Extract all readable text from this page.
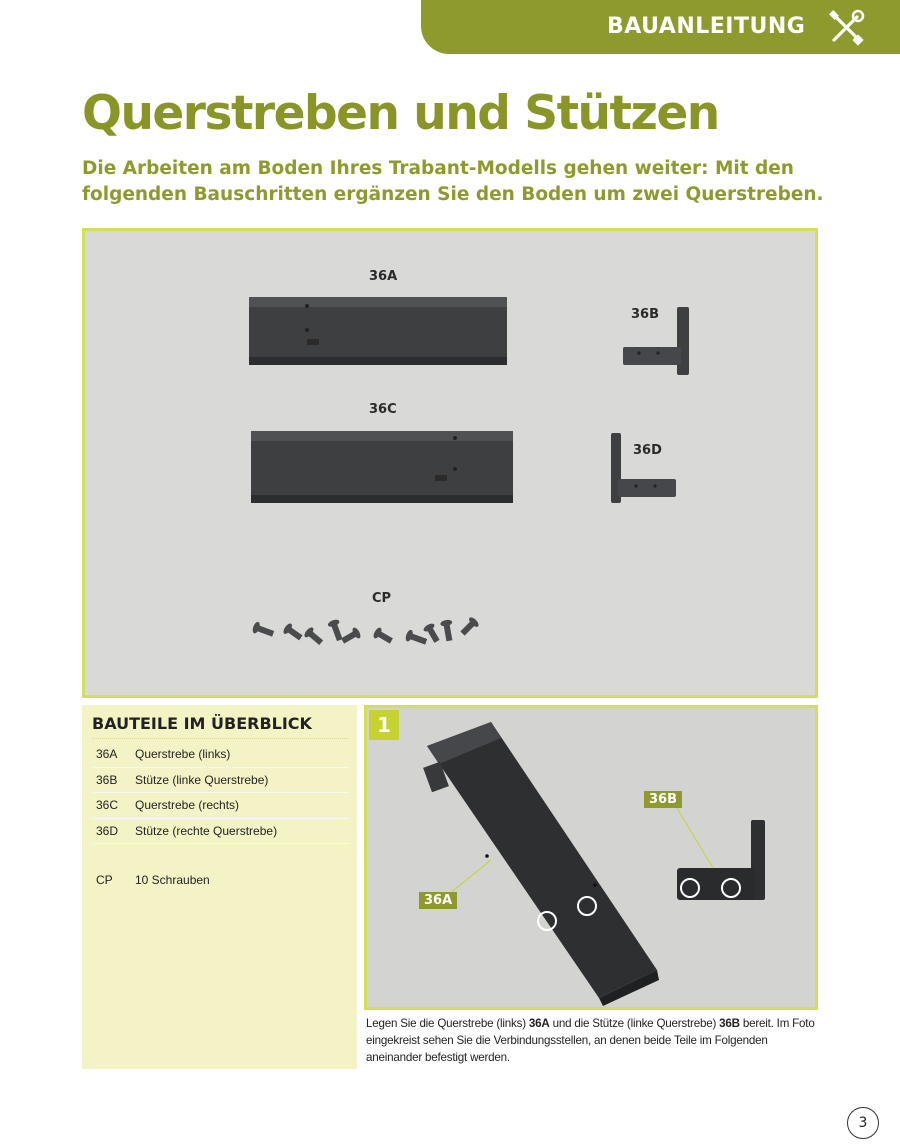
BAUANLEITUNG
Querstreben und Stützen

Die Arbeiten am Boden Ihres Trabant-Modells gehen weiter: Mit den folgenden Bauschritten ergänzen Sie den Boden um zwei Querstreben.

36A
36B
36C
36D
CP
BAUTEILE IM ÜBERBLICK
36A Querstrebe (links)
36B Stütze (linke Querstrebe)
36C Querstrebe (rechts)
36D Stütze (rechte Querstrebe)
CP 10 Schrauben
1
36B
36A

Legen Sie die Querstrebe (links) 36A und die Stütze (linke Querstrebe) 36B bereit. Im Foto eingekreist sehen Sie die Verbindungsstellen, an denen beide Teile im Folgenden aneinander befestigt werden.

3
